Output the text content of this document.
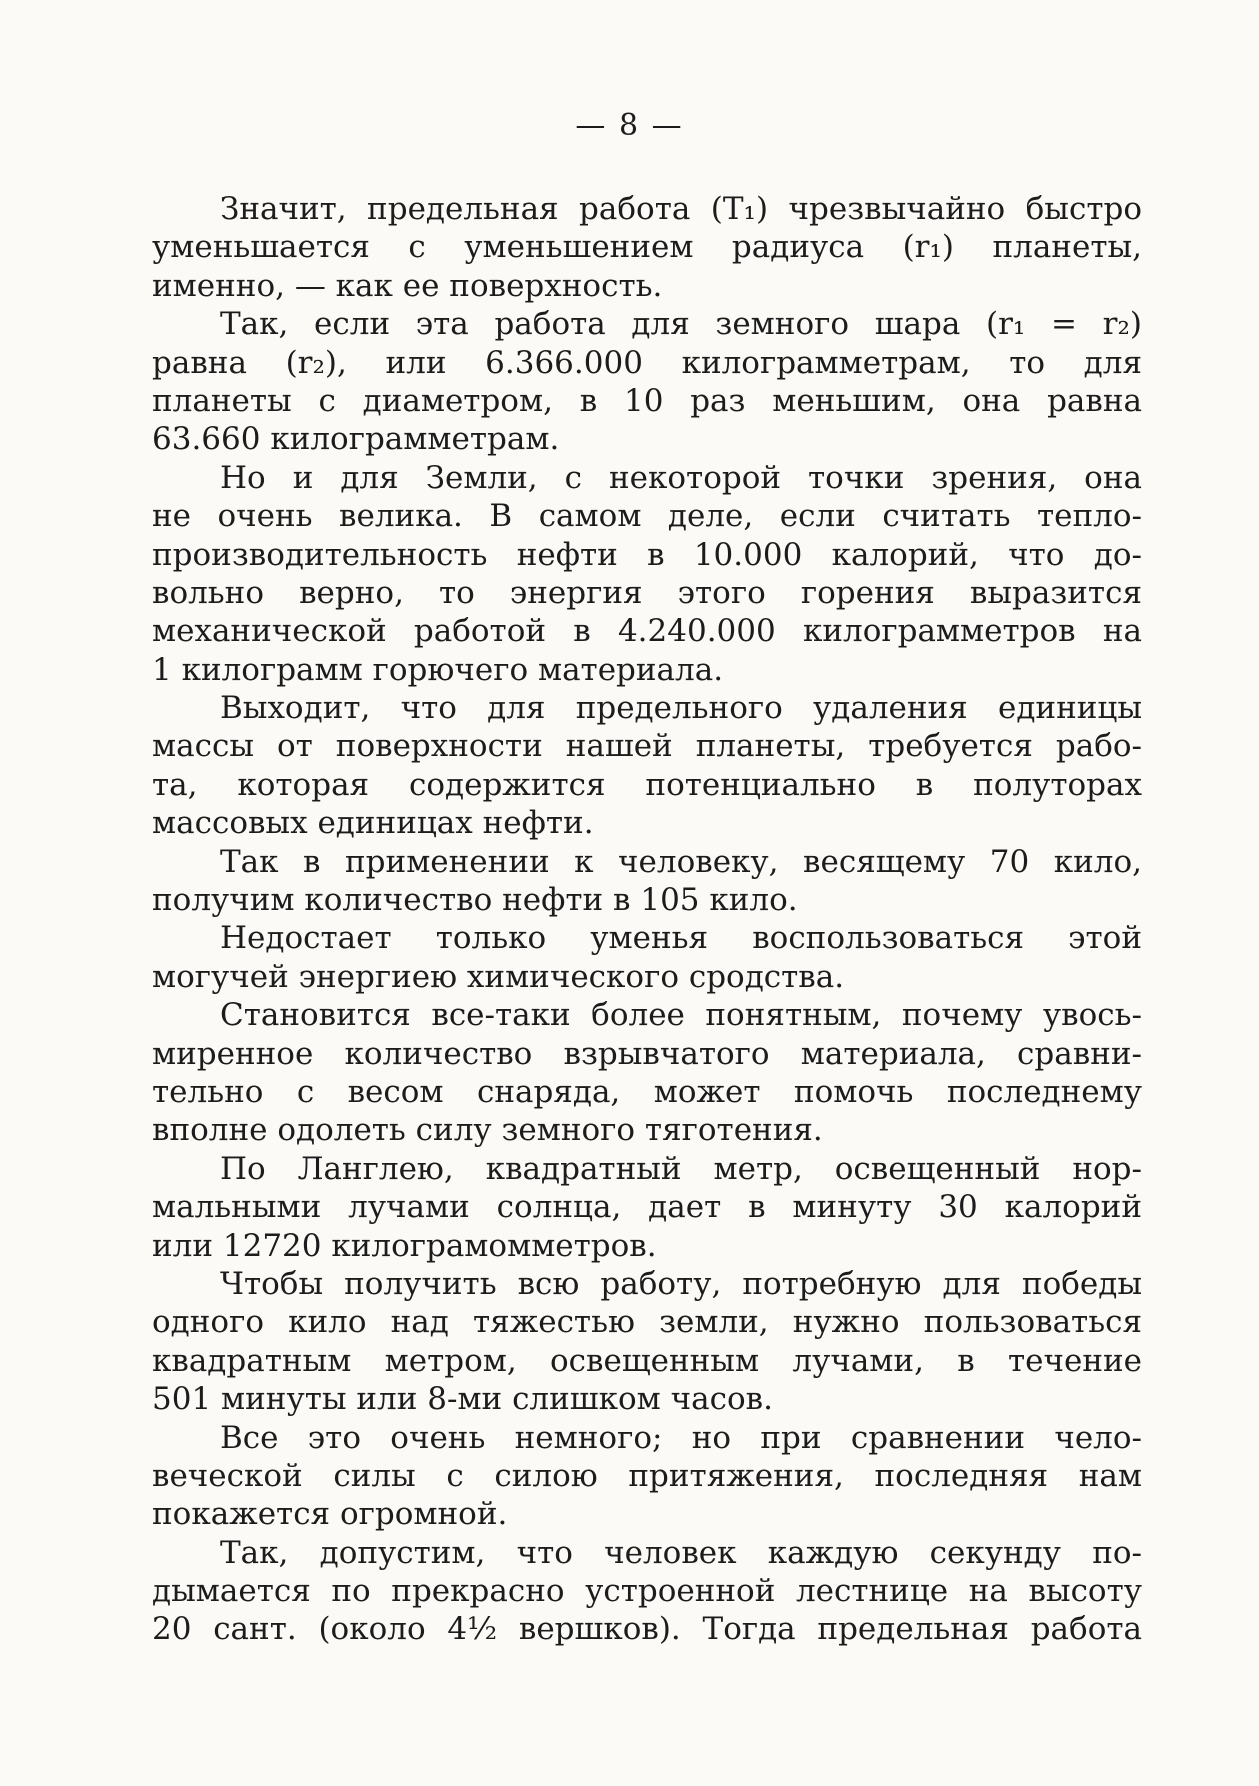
— 8 —
Значит, предельная работа (T₁) чрезвычайно быстро
уменьшается с уменьшением радиуса (r₁) планеты,
именно, — как ее поверхность.
Так, если эта работа для земного шара (r₁ = r₂)
равна (r₂), или 6.366.000 килограмметрам, то для
планеты с диаметром, в 10 раз меньшим, она равна
63.660 килограмметрам.
Но и для Земли, с некоторой точки зрения, она
не очень велика. В самом деле, если считать тепло-
производительность нефти в 10.000 калорий, что до-
вольно верно, то энергия этого горения выразится
механической работой в 4.240.000 килограмметров на
1 килограмм горючего материала.
Выходит, что для предельного удаления единицы
массы от поверхности нашей планеты, требуется рабо-
та, которая содержится потенциально в полуторах
массовых единицах нефти.
Так в применении к человеку, весящему 70 кило,
получим количество нефти в 105 кило.
Недостает только уменья воспользоваться этой
могучей энергиею химического сродства.
Становится все-таки более понятным, почему увось-
миренное количество взрывчатого материала, сравни-
тельно с весом снаряда, может помочь последнему
вполне одолеть силу земного тяготения.
По Ланглею, квадратный метр, освещенный нор-
мальными лучами солнца, дает в минуту 30 калорий
или 12720 килограмомметров.
Чтобы получить всю работу, потребную для победы
одного кило над тяжестью земли, нужно пользоваться
квадратным метром, освещенным лучами, в течение
501 минуты или 8-ми слишком часов.
Все это очень немного; но при сравнении чело-
веческой силы с силою притяжения, последняя нам
покажется огромной.
Так, допустим, что человек каждую секунду по-
дымается по прекрасно устроенной лестнице на высоту
20 сант. (около 4½ вершков). Тогда предельная работа
